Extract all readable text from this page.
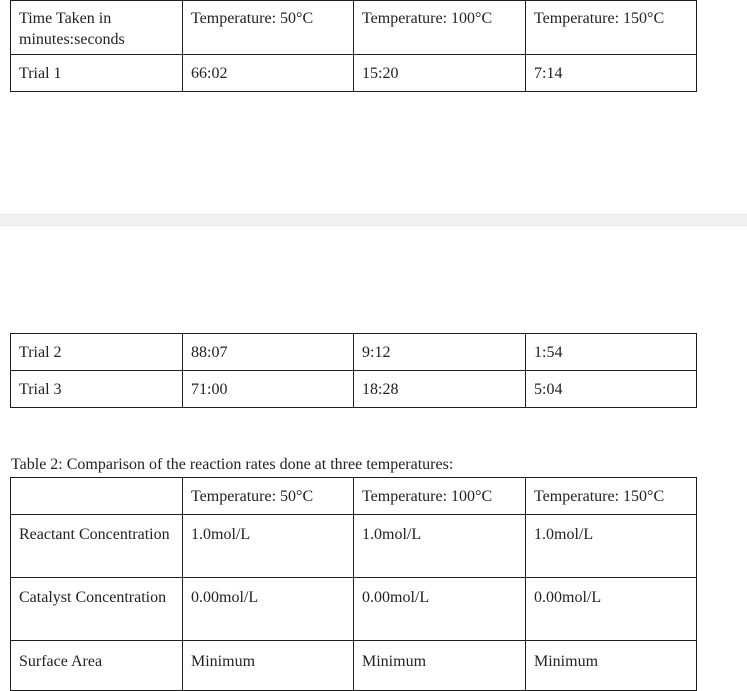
Time Taken in minutes:seconds	Temperature: 50°C	Temperature: 100°C	Temperature: 150°C
Trial 1	66:02	15:20	7:14
Trial 2	88:07	9:12	1:54
Trial 3	71:00	18:28	5:04
Table 2: Comparison of the reaction rates done at three temperatures:
	Temperature: 50°C	Temperature: 100°C	Temperature: 150°C
Reactant Concentration	1.0mol/L	1.0mol/L	1.0mol/L
Catalyst Concentration	0.00mol/L	0.00mol/L	0.00mol/L
Surface Area	Minimum	Minimum	Minimum
